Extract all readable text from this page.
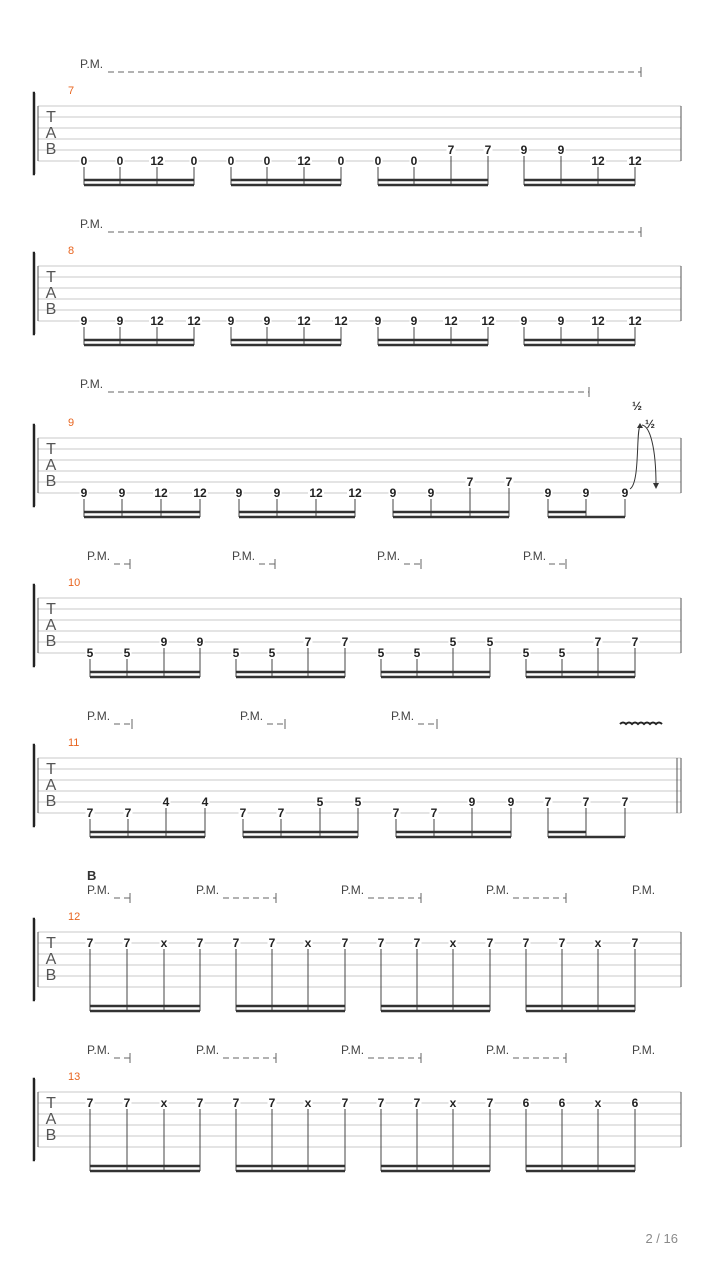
T
A
B
7
P.M.
0 0 12 0	0 0 12 0	0 0
7	7 9	9
12 12
T
A
B
8
P.M.
9 9 12 12 9 9 12 12 9 9 12 12 9	9 12 12
T
A
B
9
P.M.
9	9 12 12 9	9 12 12 9	9
7	7
9	9	9
½
½
T
A
B
10
P.M.	P.M.	P.M.	P.M.
5	5
9 9
5 5
7	7
5 5
5	5
5 5
7	7
T
A
B
11
P.M.	P.M.	P.M.
7	7
4	4
7	7
5	5
7	7
9	9	7	7	7
T
A
B
12
B
P.M.	P.M.	P.M.	P.M.	P.M.
7	7	x 7 7 7 x	7 7 7 x	7 7 7 x	7
T
A
B
13
P.M.	P.M.	P.M.	P.M.	P.M.
7	7	x 7 7 7 x	7 7 7 x	7 6 6 x	6
2 / 16
